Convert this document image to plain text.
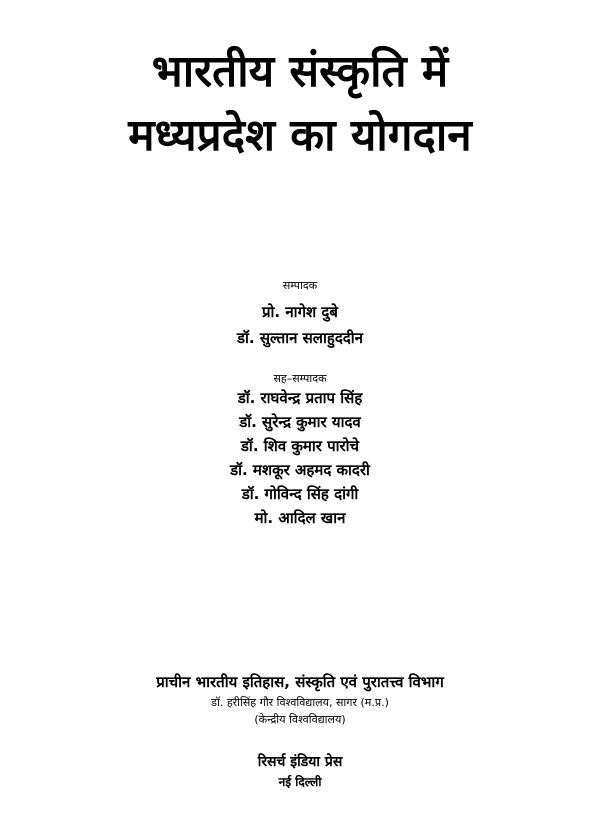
भारतीय संस्कृति में
मध्यप्रदेश का योगदान
सम्पादक
प्रो. नागेश दुबे
डॉ. सुल्तान सलाहुददीन
सह–सम्पादक
डॉ. राघवेन्द्र प्रताप सिंह
डॉ. सुरेन्द्र कुमार यादव
डॉ. शिव कुमार पारोचे
डॉ. मशकूर अहमद कादरी
डॉ. गोविन्द सिंह दांगी
मो. आदिल खान
प्राचीन भारतीय इतिहास, संस्कृति एवं पुरातत्त्व विभाग
डॉ. हरीसिंह गौर विश्वविद्यालय, सागर (म.प्र.)
(केन्द्रीय विश्वविद्यालय)
रिसर्च इंडिया प्रेस
नई दिल्ली
